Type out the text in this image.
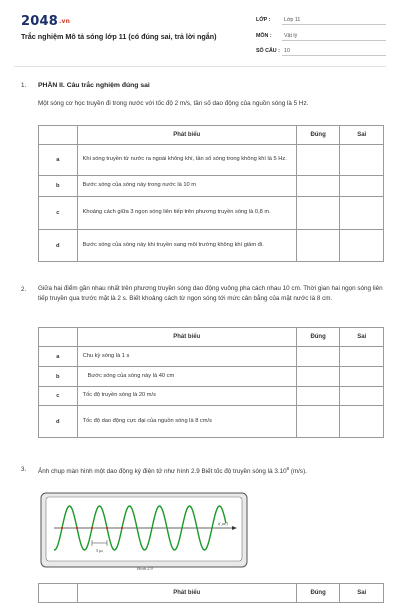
2048.vn
Trắc nghiệm Mô tả sóng lớp 11 (có đúng sai, trả lời ngắn)
LỚP :	Lớp 11
MÔN : Vật lý
SỐ CÂU : 10
1. PHẦN II. Câu trắc nghiệm đúng sai
Một sóng cơ học truyền đi trong nước với tốc độ 2 m/s, tần số dao động của nguồn sóng là 5 Hz.
	Phát biểu	Đúng	Sai
a	Khi sóng truyền từ nước ra ngoài không khí, tần số sóng trong không khí là 5 Hz.		
b	Bước sóng của sóng này trong nước là 10 m		
c	Khoảng cách giữa 3 ngọn sóng liên tiếp trên phương truyền sóng là 0,8 m.		
d	Bước sóng của sóng này khi truyền sang môi trường không khí giảm đi.		
2. Giữa hai điểm gần nhau nhất trên phương truyền sóng dao động vuông pha cách nhau 10 cm. Thời gian hai ngọn sóng liên tiếp truyền qua trước mặt là 2 s. Biết khoảng cách từ ngọn sóng tới mức cân bằng của mặt nước là 8 cm.
	Phát biểu	Đúng	Sai
a	Chu kỳ sóng là 1 s		
b	Bước sóng của sóng này là 40 cm		
c	Tốc độ truyền sóng là 20 m/s		
d	Tốc độ dao động cực đại của nguồn sóng là 8 cm/s		
3. Ảnh chụp màn hình một dao động ký điện tử như hình 2.9 Biết tốc độ truyền sóng là 3.10$^8$ (m/s).
5 µs
t( µs )
Hình 2.9
	Phát biểu	Đúng	Sai
